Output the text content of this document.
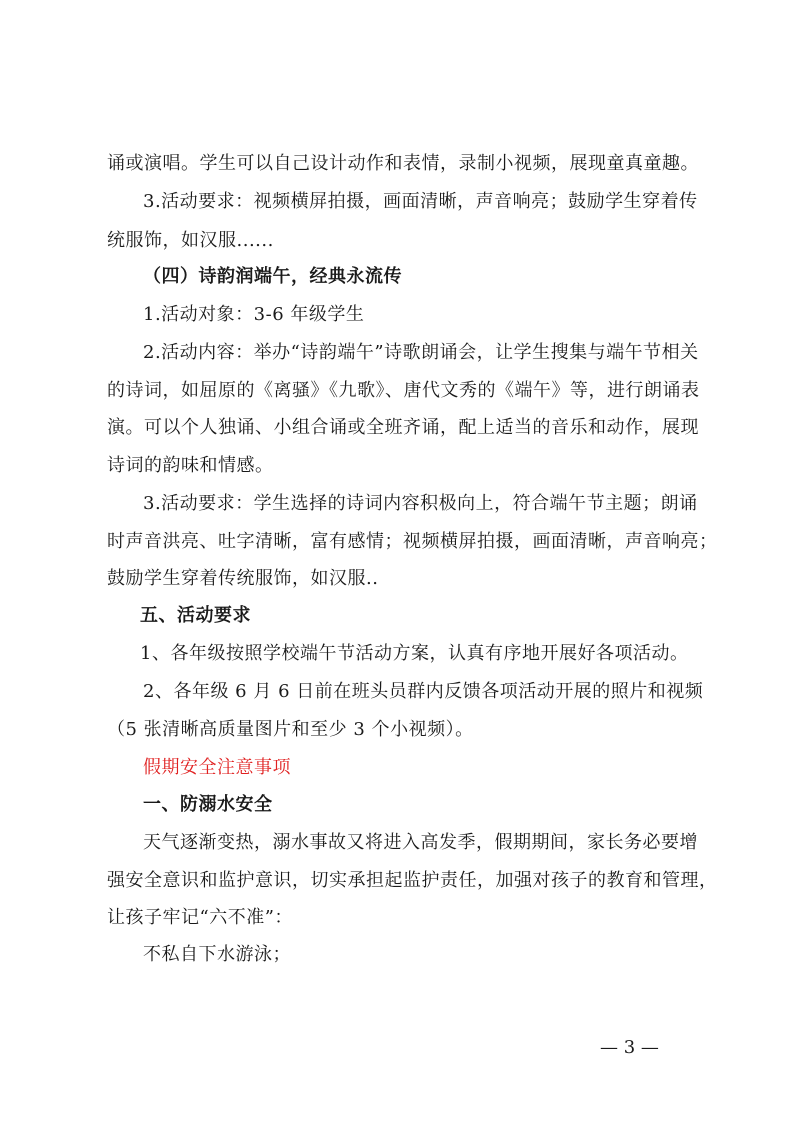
诵或演唱。学生可以自己设计动作和表情，录制小视频，展现童真童趣。
3.活动要求：视频横屏拍摄，画面清晰，声音响亮；鼓励学生穿着传
统服饰，如汉服......
（四）诗韵润端午，经典永流传
1.活动对象：3-6 年级学生
2.活动内容：举办“诗韵端午”诗歌朗诵会，让学生搜集与端午节相关
的诗词，如屈原的《离骚》《九歌》、唐代文秀的《端午》等，进行朗诵表
演。可以个人独诵、小组合诵或全班齐诵，配上适当的音乐和动作，展现
诗词的韵味和情感。
3.活动要求：学生选择的诗词内容积极向上，符合端午节主题；朗诵
时声音洪亮、吐字清晰，富有感情；视频横屏拍摄，画面清晰，声音响亮；
鼓励学生穿着传统服饰，如汉服..
五、活动要求
1、各年级按照学校端午节活动方案，认真有序地开展好各项活动。
2、各年级 6 月 6 日前在班头员群内反馈各项活动开展的照片和视频
（5 张清晰高质量图片和至少 3 个小视频）。
假期安全注意事项
一、防溺水安全
天气逐渐变热，溺水事故又将进入高发季，假期期间，家长务必要增
强安全意识和监护意识，切实承担起监护责任，加强对孩子的教育和管理，
让孩子牢记“六不准”：
不私自下水游泳；
— 3 —
